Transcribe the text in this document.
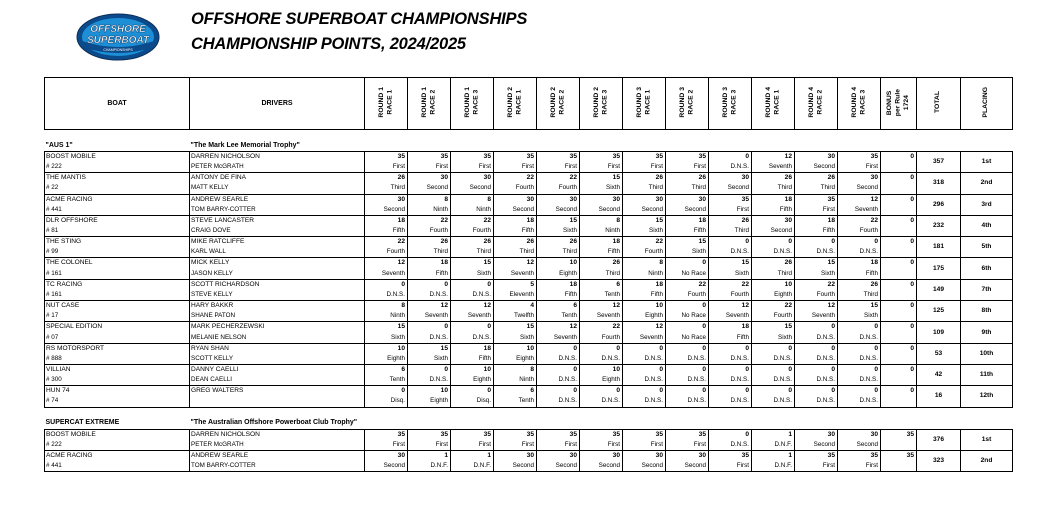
OFFSHORE
SUPERBOAT
CHAMPIONSHIPS
OFFSHORE SUPERBOAT CHAMPIONSHIPS
CHAMPIONSHIP POINTS, 2024/2025
BOAT	DRIVERS	ROUND 1 RACE 1	ROUND 1 RACE 2	ROUND 1 RACE 3	ROUND 2 RACE 1	ROUND 2 RACE 2	ROUND 2 RACE 3	ROUND 3 RACE 1	ROUND 3 RACE 2	ROUND 3 RACE 3	ROUND 4 RACE 1	ROUND 4 RACE 2	ROUND 4 RACE 3	BONUS per Rule 1724	TOTAL	PLACING

"AUS 1"	"The Mark Lee Memorial Trophy"															
BOOST MOBILE	DARREN NICHOLSON	35	35	35	35	35	35	35	35	0	12	30	35	0	357	1st
# 222	PETER McGRATH	First	First	First	First	First	First	First	First	D.N.S.	Seventh	Second	First			
THE MANTIS	ANTONY DE FINA	26	30	30	22	22	15	26	26	30	26	26	30	0	318	2nd
# 22	MATT KELLY	Third	Second	Second	Fourth	Fourth	Sixth	Third	Third	Second	Third	Third	Second			
ACME RACING	ANDREW SEARLE	30	8	8	30	30	30	30	30	35	18	35	12	0	296	3rd
# 441	TOM BARRY-COTTER	Second	Ninth	Ninth	Second	Second	Second	Second	Second	First	Fifth	First	Seventh			
DLR OFFSHORE	STEVE LANCASTER	18	22	22	18	15	8	15	18	26	30	18	22	0	232	4th
# 81	CRAIG DOVE	Fifth	Fourth	Fourth	Fifth	Sixth	Ninth	Sixth	Fifth	Third	Second	Fifth	Fourth			
THE STING	MIKE RATCLIFFE	22	26	26	26	26	18	22	15	0	0	0	0	0	181	5th
# 99	KARL WALL	Fourth	Third	Third	Third	Third	Fifth	Fourth	Sixth	D.N.S.	D.N.S.	D.N.S.	D.N.S.			
THE COLONEL	MICK KELLY	12	18	15	12	10	26	8	0	15	26	15	18	0	175	6th
# 161	JASON KELLY	Seventh	Fifth	Sixth	Seventh	Eighth	Third	Ninth	No Race	Sixth	Third	Sixth	Fifth			
TC RACING	SCOTT RICHARDSON	0	0	0	5	18	6	18	22	22	10	22	26	0	149	7th
# 161	STEVE KELLY	D.N.S.	D.N.S.	D.N.S.	Eleventh	Fifth	Tenth	Fifth	Fourth	Fourth	Eighth	Fourth	Third			
NUT CASE	HARY BAKKR	8	12	12	4	6	12	10	0	12	22	12	15	0	125	8th
# 17	SHANE PATON	Ninth	Seventh	Seventh	Twelfth	Tenth	Seventh	Eighth	No Race	Seventh	Fourth	Seventh	Sixth			
SPECIAL EDITION	MARK PECHERZEWSKI	15	0	0	15	12	22	12	0	18	15	0	0	0	109	9th
# 07	MELANIE NELSON	Sixth	D.N.S.	D.N.S.	Sixth	Seventh	Fourth	Seventh	No Race	Fifth	Sixth	D.N.S.	D.N.S.			
RS MOTORSPORT	RYAN SHAN	10	15	18	10	0	0	0	0	0	0	0	0	0	53	10th
# 888	SCOTT KELLY	Eighth	Sixth	Fifth	Eighth	D.N.S.	D.N.S.	D.N.S.	D.N.S.	D.N.S.	D.N.S.	D.N.S.	D.N.S.			
VILLIAN	DANNY CAELLI	6	0	10	8	0	10	0	0	0	0	0	0	0	42	11th
# 300	DEAN CAELLI	Tenth	D.N.S.	Eighth	Ninth	D.N.S.	Eighth	D.N.S.	D.N.S.	D.N.S.	D.N.S.	D.N.S.	D.N.S.			
HUN 74	GREG WALTERS	0	10	0	6	0	0	0	0	0	0	0	0	0	16	12th
# 74		Disq.	Eighth	Disq.	Tenth	D.N.S.	D.N.S.	D.N.S.	D.N.S.	D.N.S.	D.N.S.	D.N.S.	D.N.S.			

SUPERCAT EXTREME	"The Australian Offshore Powerboat Club Trophy"															
BOOST MOBILE	DARREN NICHOLSON	35	35	35	35	35	35	35	35	0	1	30	30	35	376	1st
# 222	PETER McGRATH	First	First	First	First	First	First	First	First	D.N.S.	D.N.F.	Second	Second			
ACME RACING	ANDREW SEARLE	30	1	1	30	30	30	30	30	35	1	35	35	35	323	2nd
# 441	TOM BARRY-COTTER	Second	D.N.F.	D.N.F.	Second	Second	Second	Second	Second	First	D.N.F.	First	First			
